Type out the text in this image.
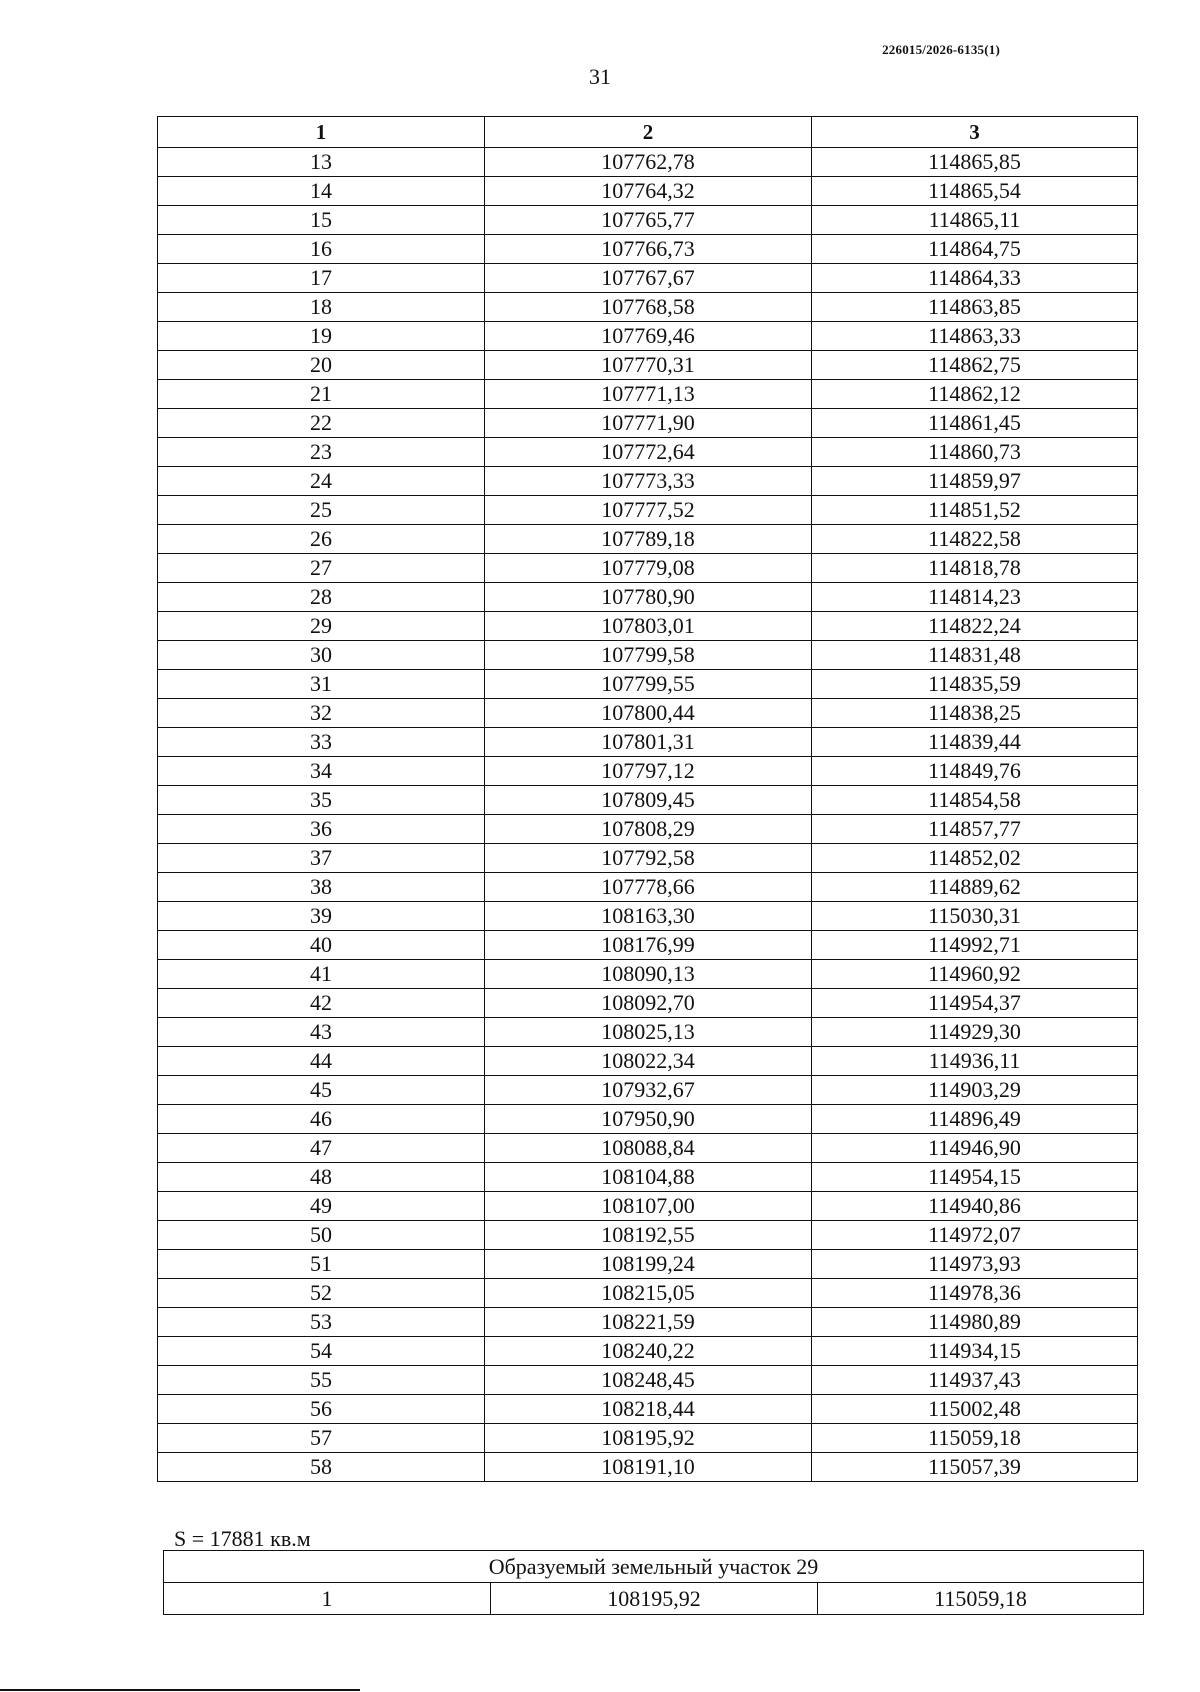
226015/2026-6135(1)
31
1	2	3
13	107762,78	114865,85
14	107764,32	114865,54
15	107765,77	114865,11
16	107766,73	114864,75
17	107767,67	114864,33
18	107768,58	114863,85
19	107769,46	114863,33
20	107770,31	114862,75
21	107771,13	114862,12
22	107771,90	114861,45
23	107772,64	114860,73
24	107773,33	114859,97
25	107777,52	114851,52
26	107789,18	114822,58
27	107779,08	114818,78
28	107780,90	114814,23
29	107803,01	114822,24
30	107799,58	114831,48
31	107799,55	114835,59
32	107800,44	114838,25
33	107801,31	114839,44
34	107797,12	114849,76
35	107809,45	114854,58
36	107808,29	114857,77
37	107792,58	114852,02
38	107778,66	114889,62
39	108163,30	115030,31
40	108176,99	114992,71
41	108090,13	114960,92
42	108092,70	114954,37
43	108025,13	114929,30
44	108022,34	114936,11
45	107932,67	114903,29
46	107950,90	114896,49
47	108088,84	114946,90
48	108104,88	114954,15
49	108107,00	114940,86
50	108192,55	114972,07
51	108199,24	114973,93
52	108215,05	114978,36
53	108221,59	114980,89
54	108240,22	114934,15
55	108248,45	114937,43
56	108218,44	115002,48
57	108195,92	115059,18
58	108191,10	115057,39
S = 17881 кв.м
Образуемый земельный участок 29
1	108195,92	115059,18
